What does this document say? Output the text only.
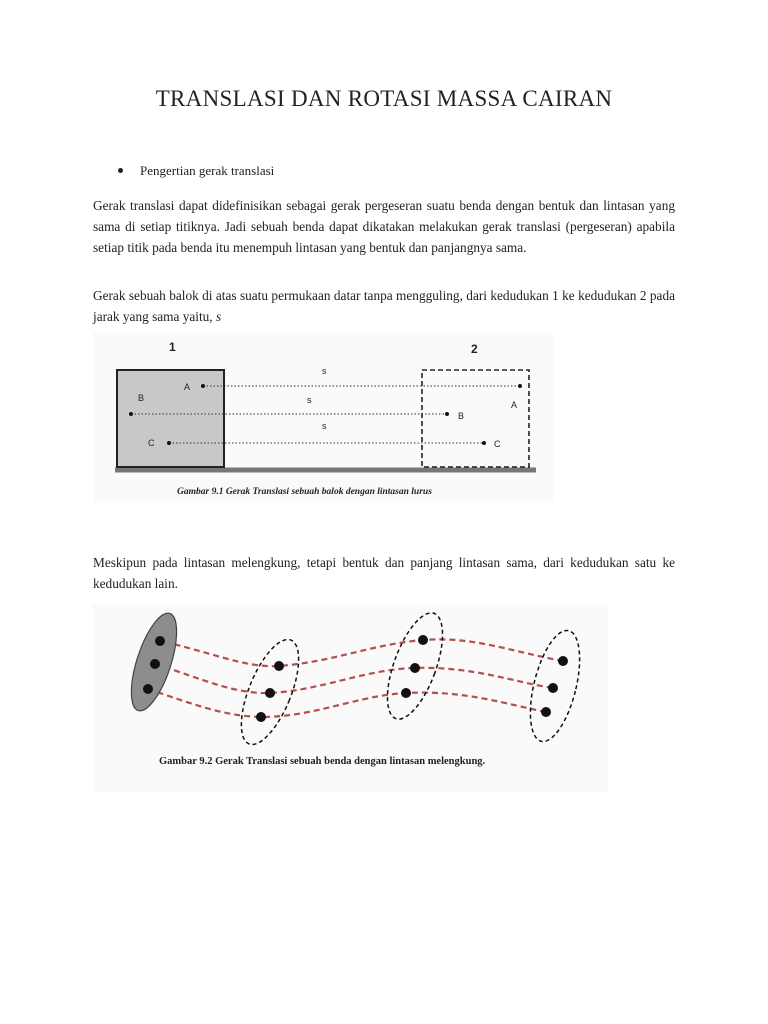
TRANSLASI DAN ROTASI MASSA CAIRAN
Pengertian gerak translasi
Gerak translasi dapat didefinisikan sebagai gerak pergeseran suatu benda dengan bentuk dan lintasan yang sama di setiap titiknya. Jadi sebuah benda dapat dikatakan melakukan gerak translasi (pergeseran) apabila setiap titik pada benda itu menempuh lintasan yang bentuk dan panjangnya sama.
Gerak sebuah balok di atas suatu permukaan datar tanpa mengguling, dari kedudukan 1 ke kedudukan 2 pada jarak yang sama yaitu, s
1	2
A
B
C
A
B
C
s
s
s
Gambar 9.1 Gerak Translasi sebuah balok dengan lintasan lurus
Meskipun pada lintasan melengkung, tetapi bentuk dan panjang lintasan sama, dari kedudukan satu ke kedudukan lain.
Gambar 9.2 Gerak Translasi sebuah benda dengan lintasan melengkung.
